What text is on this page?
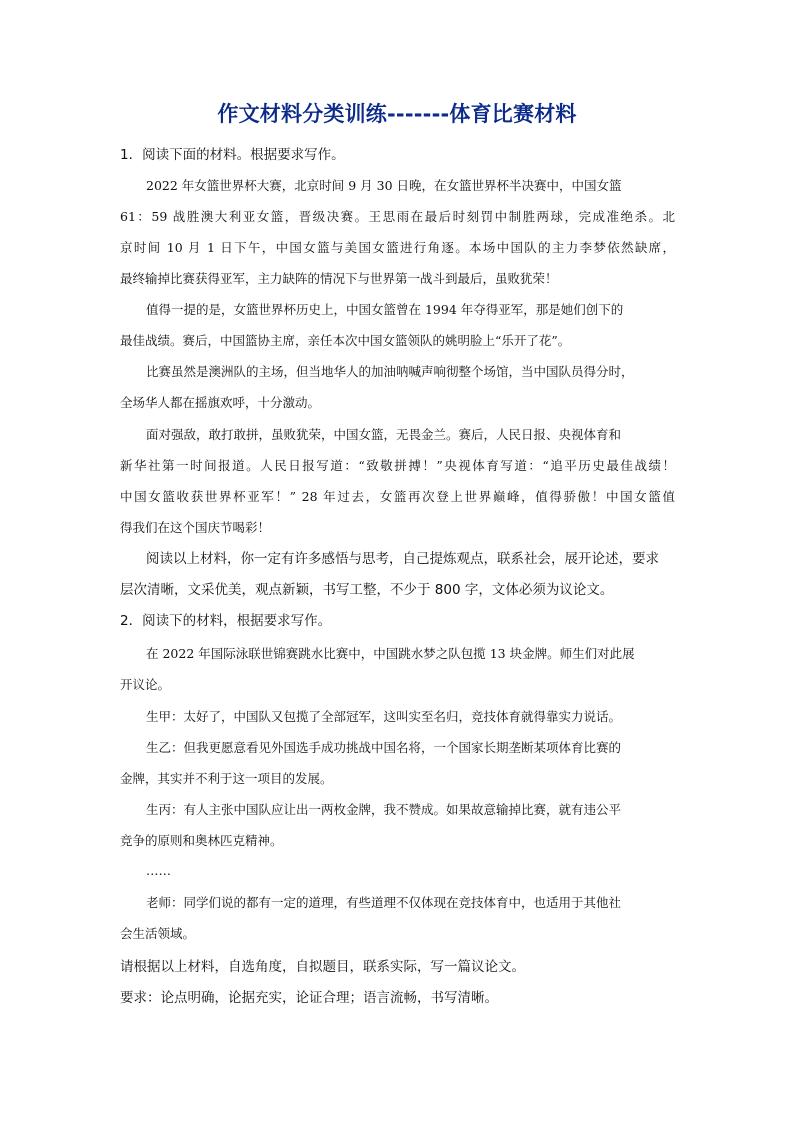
作文材料分类训练-------体育比赛材料
1．阅读下面的材料。根据要求写作。
2022 年女篮世界杯大赛，北京时间 9 月 30 日晚，在女篮世界杯半决赛中，中国女篮
61：59 战胜澳大利亚女篮，晋级决赛。王思雨在最后时刻罚中制胜两球，完成准绝杀。北
京时间 10 月 1 日下午，中国女篮与美国女篮进行角逐。本场中国队的主力李梦依然缺席，
最终输掉比赛获得亚军，主力缺阵的情况下与世界第一战斗到最后，虽败犹荣！
值得一提的是，女篮世界杯历史上，中国女篮曾在 1994 年夺得亚军，那是她们创下的
最佳战绩。赛后，中国篮协主席，亲任本次中国女篮领队的姚明脸上“乐开了花”。
比赛虽然是澳洲队的主场，但当地华人的加油呐喊声响彻整个场馆，当中国队员得分时，
全场华人都在摇旗欢呼，十分激动。
面对强敌，敢打敢拼，虽败犹荣，中国女篮，无畏金兰。赛后，人民日报、央视体育和
新华社第一时间报道。人民日报写道：“致敬拼搏！”央视体育写道：“追平历史最佳战绩！
中国女篮收获世界杯亚军！” 28 年过去，女篮再次登上世界巅峰，值得骄傲！中国女篮值
得我们在这个国庆节喝彩！
阅读以上材料，你一定有许多感悟与思考，自己提炼观点，联系社会，展开论述，要求
层次清晰，文采优美，观点新颖，书写工整，不少于 800 字，文体必须为议论文。
2．阅读下的材料，根据要求写作。
在 2022 年国际泳联世锦赛跳水比赛中，中国跳水梦之队包揽 13 块金牌。师生们对此展
开议论。
生甲：太好了，中国队又包揽了全部冠军，这叫实至名归，竞技体育就得靠实力说话。
生乙：但我更愿意看见外国选手成功挑战中国名将，一个国家长期垄断某项体育比赛的
金牌，其实并不利于这一项目的发展。
生丙：有人主张中国队应让出一两枚金牌，我不赞成。如果故意输掉比赛，就有违公平
竞争的原则和奥林匹克精神。
……
老师：同学们说的都有一定的道理，有些道理不仅体现在竞技体育中，也适用于其他社
会生活领域。
请根据以上材料，自选角度，自拟题目，联系实际，写一篇议论文。
要求：论点明确，论据充实，论证合理；语言流畅，书写清晰。
